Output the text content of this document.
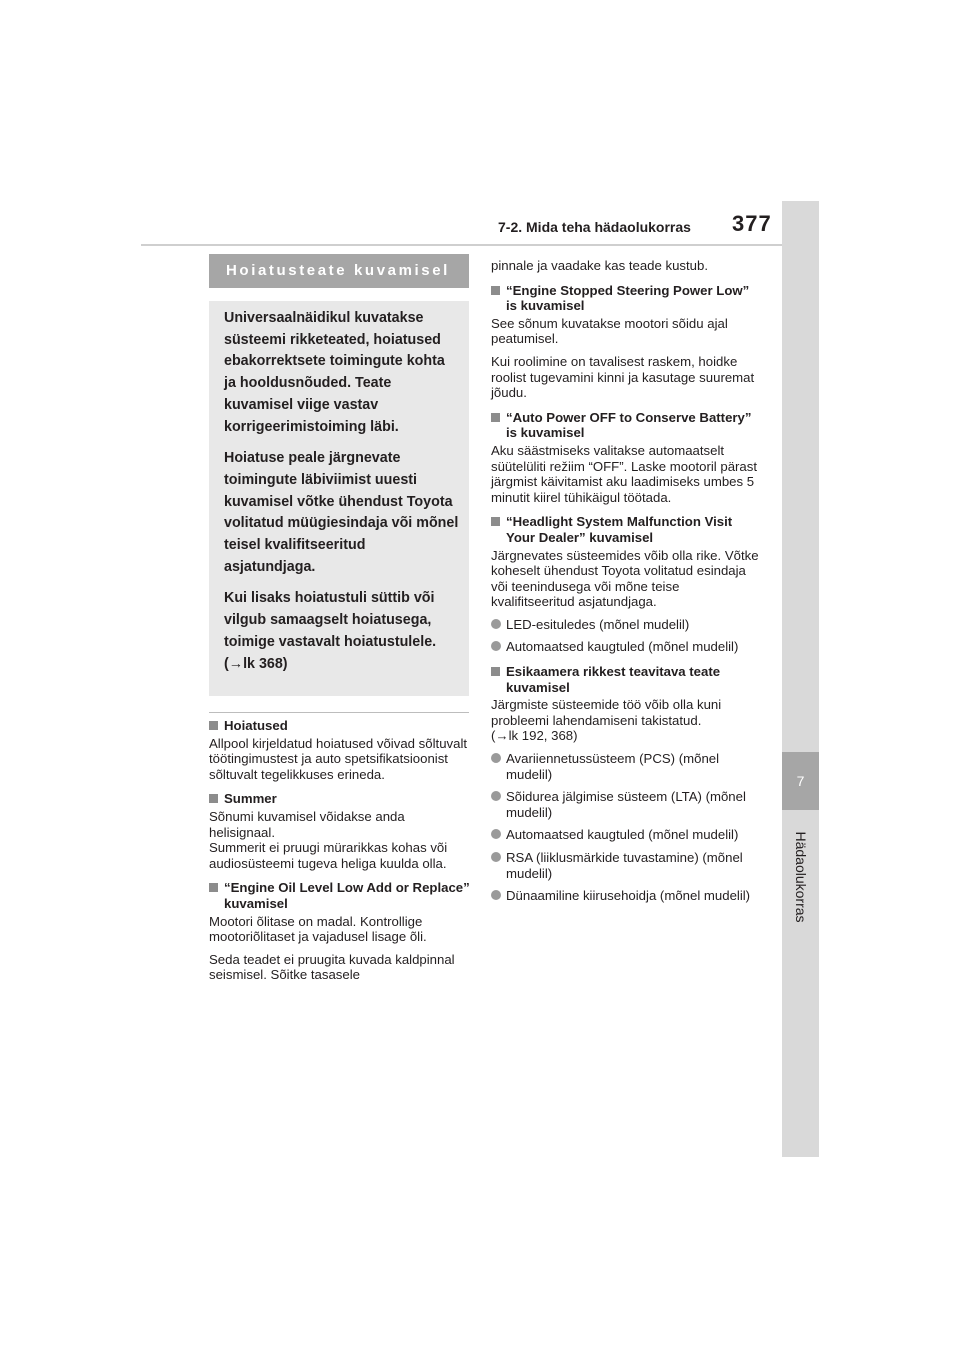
7
Hädaolukorras
7-2. Mida teha hädaolukorras 377
Hoiatusteate kuvamisel

Universaalnäidikul kuvatakse süsteemi rikketeated, hoiatused ebakorrektsete toimingute kohta ja hooldusnõuded. Teate kuvamisel viige vastav korrigeerimistoiming läbi.

Hoiatuse peale järgnevate toimingute läbiviimist uuesti kuvamisel võtke ühendust Toyota volitatud müügiesindaja või mõnel teisel kvalifitseeritud asjatundjaga.

Kui lisaks hoiatustuli süttib või vilgub samaagselt hoiatusega, toimige vastavalt hoiatustulele. (→lk 368)

Hoiatused

Allpool kirjeldatud hoiatused võivad sõltuvalt töötingimustest ja auto spetsifikatsioonist sõltuvalt tegelikkuses erineda.

Summer

Sõnumi kuvamisel võidakse anda helisignaal.
Summerit ei pruugi mürarikkas kohas või audiosüsteemi tugeva heliga kuulda olla.

“Engine Oil Level Low Add or Replace” kuvamisel

Mootori õlitase on madal. Kontrollige mootoriõlitaset ja vajadusel lisage õli.

Seda teadet ei pruugita kuvada kaldpinnal seismisel. Sõitke tasasele

pinnale ja vaadake kas teade kustub.

“Engine Stopped Steering Power Low” is kuvamisel

See sõnum kuvatakse mootori sõidu ajal peatumisel.

Kui roolimine on tavalisest raskem, hoidke roolist tugevamini kinni ja kasutage suuremat jõudu.

“Auto Power OFF to Conserve Battery” is kuvamisel

Aku säästmiseks valitakse automaatselt süütelüliti režiim “OFF”. Laske mootoril pärast järgmist käivitamist aku laadimiseks umbes 5 minutit kiirel tühikäigul töötada.

“Headlight System Malfunction Visit Your Dealer” kuvamisel

Järgnevates süsteemides võib olla rike. Võtke koheselt ühendust Toyota volitatud esindaja või teenindusega või mõne teise kvalifitseeritud asjatundjaga.

LED-esituledes (mõnel mudelil)
Automaatsed kaugtuled (mõnel mudelil)
Esikaamera rikkest teavitava teate kuvamisel

Järgmiste süsteemide töö võib olla kuni probleemi lahendamiseni takistatud.
(→lk 192, 368)

Avariiennetussüsteem (PCS) (mõnel mudelil)
Sõidurea jälgimise süsteem (LTA) (mõnel mudelil)
Automaatsed kaugtuled (mõnel mudelil)
RSA (liiklusmärkide tuvastamine) (mõnel mudelil)
Dünaamiline kiirusehoidja (mõnel mudelil)
